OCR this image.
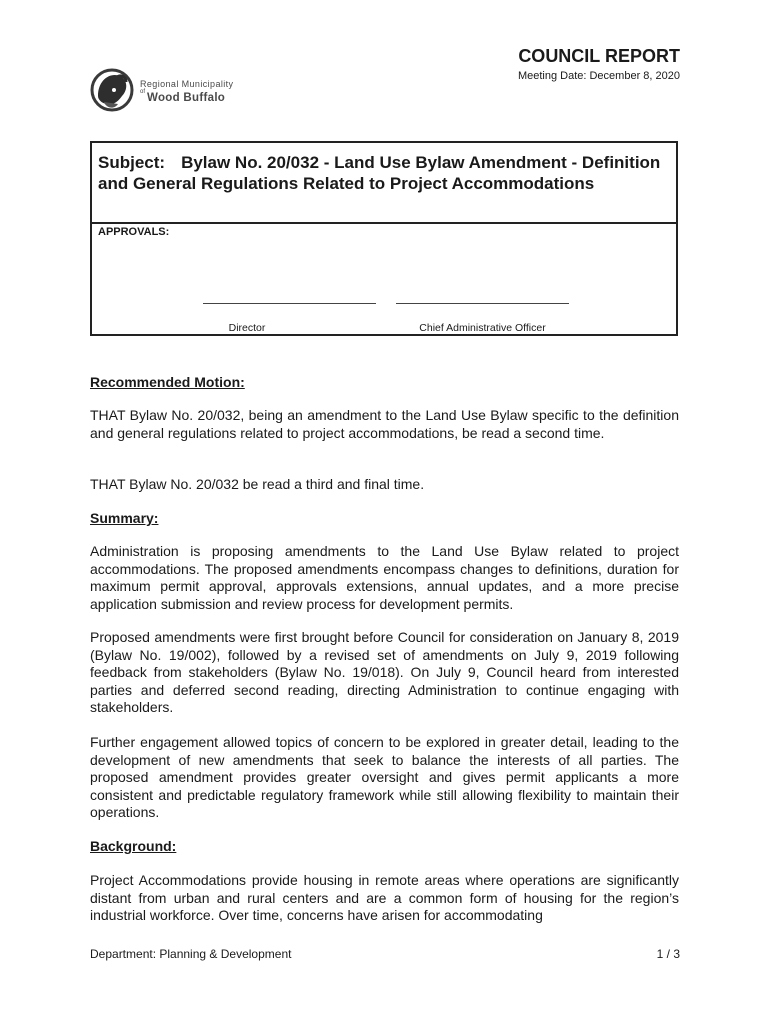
Regional Municipality
$^{of}$ Wood Buffalo
COUNCIL REPORT
Meeting Date: December 8, 2020
Subject: Bylaw No. 20/032 - Land Use Bylaw Amendment - Definition and General Regulations Related to Project Accommodations
APPROVALS:
Director	Chief Administrative Officer
Recommended Motion:
THAT Bylaw No. 20/032, being an amendment to the Land Use Bylaw specific to the definition and general regulations related to project accommodations, be read a second time.
THAT Bylaw No. 20/032 be read a third and final time.
Summary:
Administration is proposing amendments to the Land Use Bylaw related to project accommodations. The proposed amendments encompass changes to definitions, duration for maximum permit approval, approvals extensions, annual updates, and a more precise application submission and review process for development permits.
Proposed amendments were first brought before Council for consideration on January 8, 2019 (Bylaw No. 19/002), followed by a revised set of amendments on July 9, 2019 following feedback from stakeholders (Bylaw No. 19/018). On July 9, Council heard from interested parties and deferred second reading, directing Administration to continue engaging with stakeholders.
Further engagement allowed topics of concern to be explored in greater detail, leading to the development of new amendments that seek to balance the interests of all parties. The proposed amendment provides greater oversight and gives permit applicants a more consistent and predictable regulatory framework while still allowing flexibility to maintain their operations.
Background:
Project Accommodations provide housing in remote areas where operations are significantly distant from urban and rural centers and are a common form of housing for the region’s industrial workforce. Over time, concerns have arisen for accommodating
Department: Planning & Development	1 / 3
